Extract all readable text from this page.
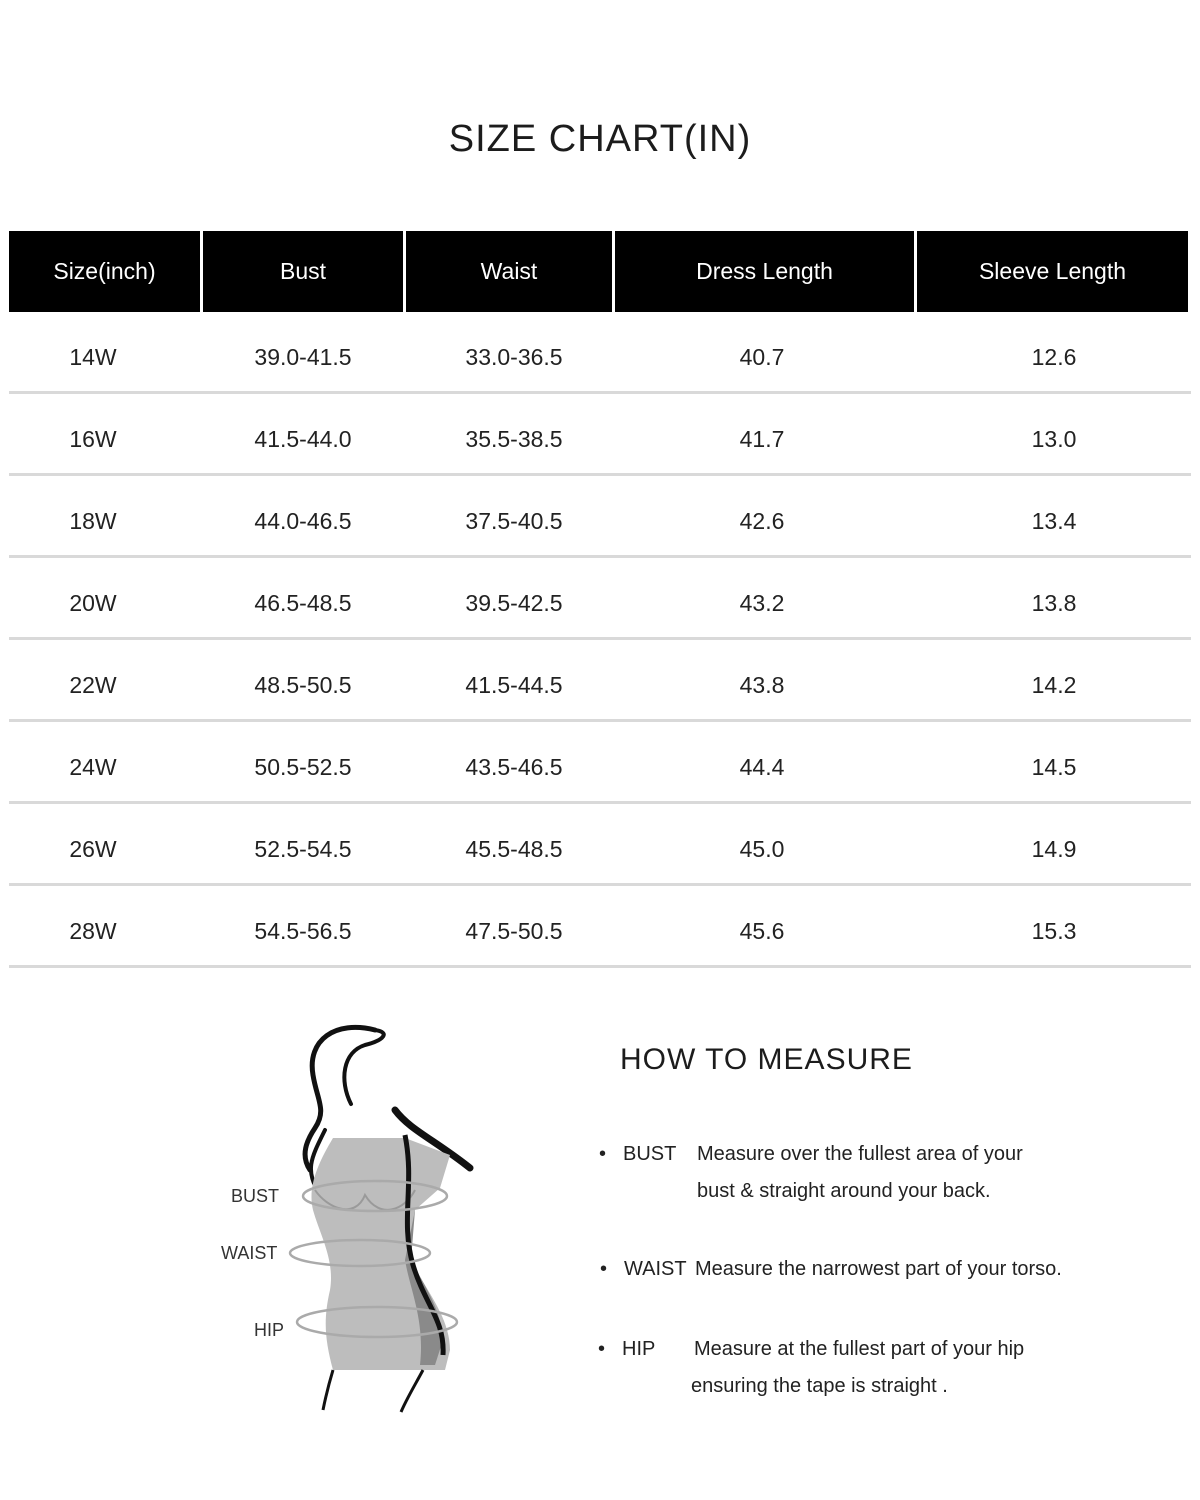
SIZE CHART(IN)
Size(inch)	Bust	Waist	Dress Length	Sleeve Length
14W	39.0-41.5	33.0-36.5	40.7	12.6
16W	41.5-44.0	35.5-38.5	41.7	13.0
18W	44.0-46.5	37.5-40.5	42.6	13.4
20W	46.5-48.5	39.5-42.5	43.2	13.8
22W	48.5-50.5	41.5-44.5	43.8	14.2
24W	50.5-52.5	43.5-46.5	44.4	14.5
26W	52.5-54.5	45.5-48.5	45.0	14.9
28W	54.5-56.5	47.5-50.5	45.6	15.3
BUST
WAIST
HIP
HOW TO MEASURE
• BUST Measure over the fullest area of your
bust & straight around your back.
• WAIST Measure the narrowest part of your torso.
• HIP Measure at the fullest part of your hip
ensuring the tape is straight .
